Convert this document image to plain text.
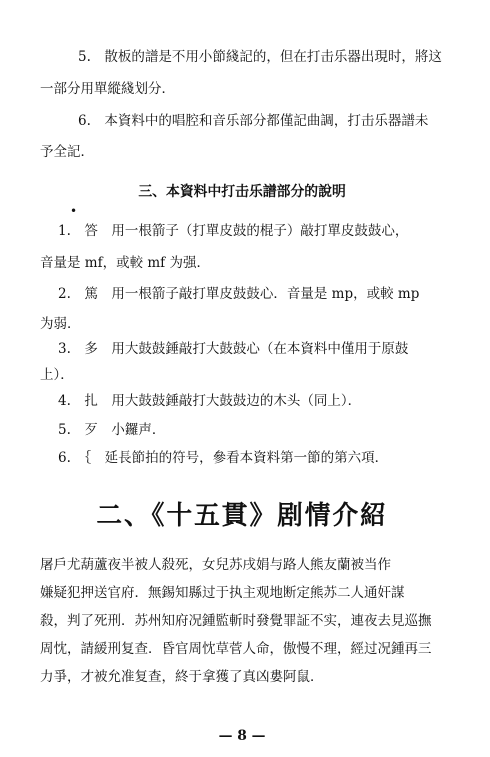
5.　散板的譜是不用小節綫記的，但在打击乐器出現时，將这
一部分用單縱綫划分．
6.　本資料中的唱腔和音乐部分都僅記曲調，打击乐器譜未
予全記．
三、本資料中打击乐譜部分的說明
•
1.　答　用一根箭子（打單皮鼓的棍子）敲打單皮鼓鼓心，
音量是 mf，或較 mf 为强．
2.　篤　用一根箭子敲打單皮鼓鼓心．音量是 mp，或較 mp
为弱．
3.　多　用大鼓鼓錘敲打大鼓鼓心（在本資料中僅用于原鼓
上）．
4.　扎　用大鼓鼓錘敲打大鼓鼓边的木头（同上）．
5.　歹　小鑼声．
6.　｛　延長節拍的符号，參看本資料第一節的第六項．
二、《十五貫》剧情介紹
屠戶尤葫蘆夜半被人殺死，女兒苏戌娟与路人熊友蘭被当作
嫌疑犯押送官府．無錫知縣过于执主观地断定熊苏二人通奸謀
殺，判了死刑．苏州知府况鍾監斬时發覺罪証不实，連夜去見巡撫
周忱，請緩刑复查．昏官周忱草菅人命，傲慢不理，經过况鍾再三
力爭，才被允准复查，終于拿獲了真凶婁阿鼠．
— 8 —
